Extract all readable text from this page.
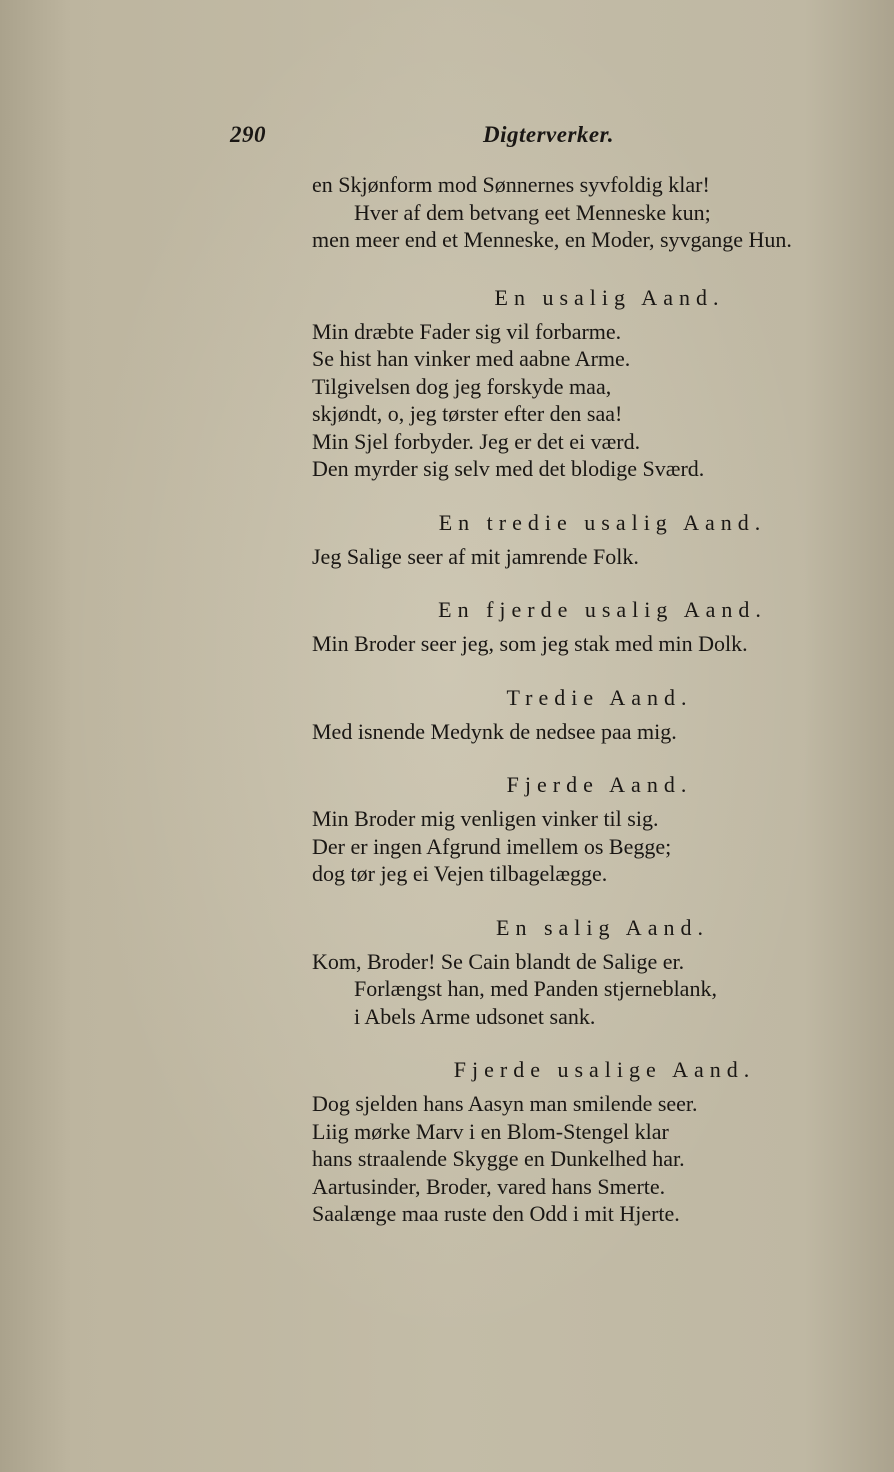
290	Digterverker.
en Skjønform mod Sønnernes syvfoldig klar!
Hver af dem betvang eet Menneske kun;
men meer end et Menneske, en Moder, syvgange Hun.
En usalig Aand.
Min dræbte Fader sig vil forbarme.
Se hist han vinker med aabne Arme.
Tilgivelsen dog jeg forskyde maa,
skjøndt, o, jeg tørster efter den saa!
Min Sjel forbyder. Jeg er det ei værd.
Den myrder sig selv med det blodige Sværd.
En tredie usalig Aand.
Jeg Salige seer af mit jamrende Folk.
En fjerde usalig Aand.
Min Broder seer jeg, som jeg stak med min Dolk.
Tredie Aand.
Med isnende Medynk de nedsee paa mig.
Fjerde Aand.
Min Broder mig venligen vinker til sig.
Der er ingen Afgrund imellem os Begge;
dog tør jeg ei Vejen tilbagelægge.
En salig Aand.
Kom, Broder! Se Cain blandt de Salige er.
Forlængst han, med Panden stjerneblank,
i Abels Arme udsonet sank.
Fjerde usalige Aand.
Dog sjelden hans Aasyn man smilende seer.
Liig mørke Marv i en Blom-Stengel klar
hans straalende Skygge en Dunkelhed har.
Aartusinder, Broder, vared hans Smerte.
Saalænge maa ruste den Odd i mit Hjerte.
